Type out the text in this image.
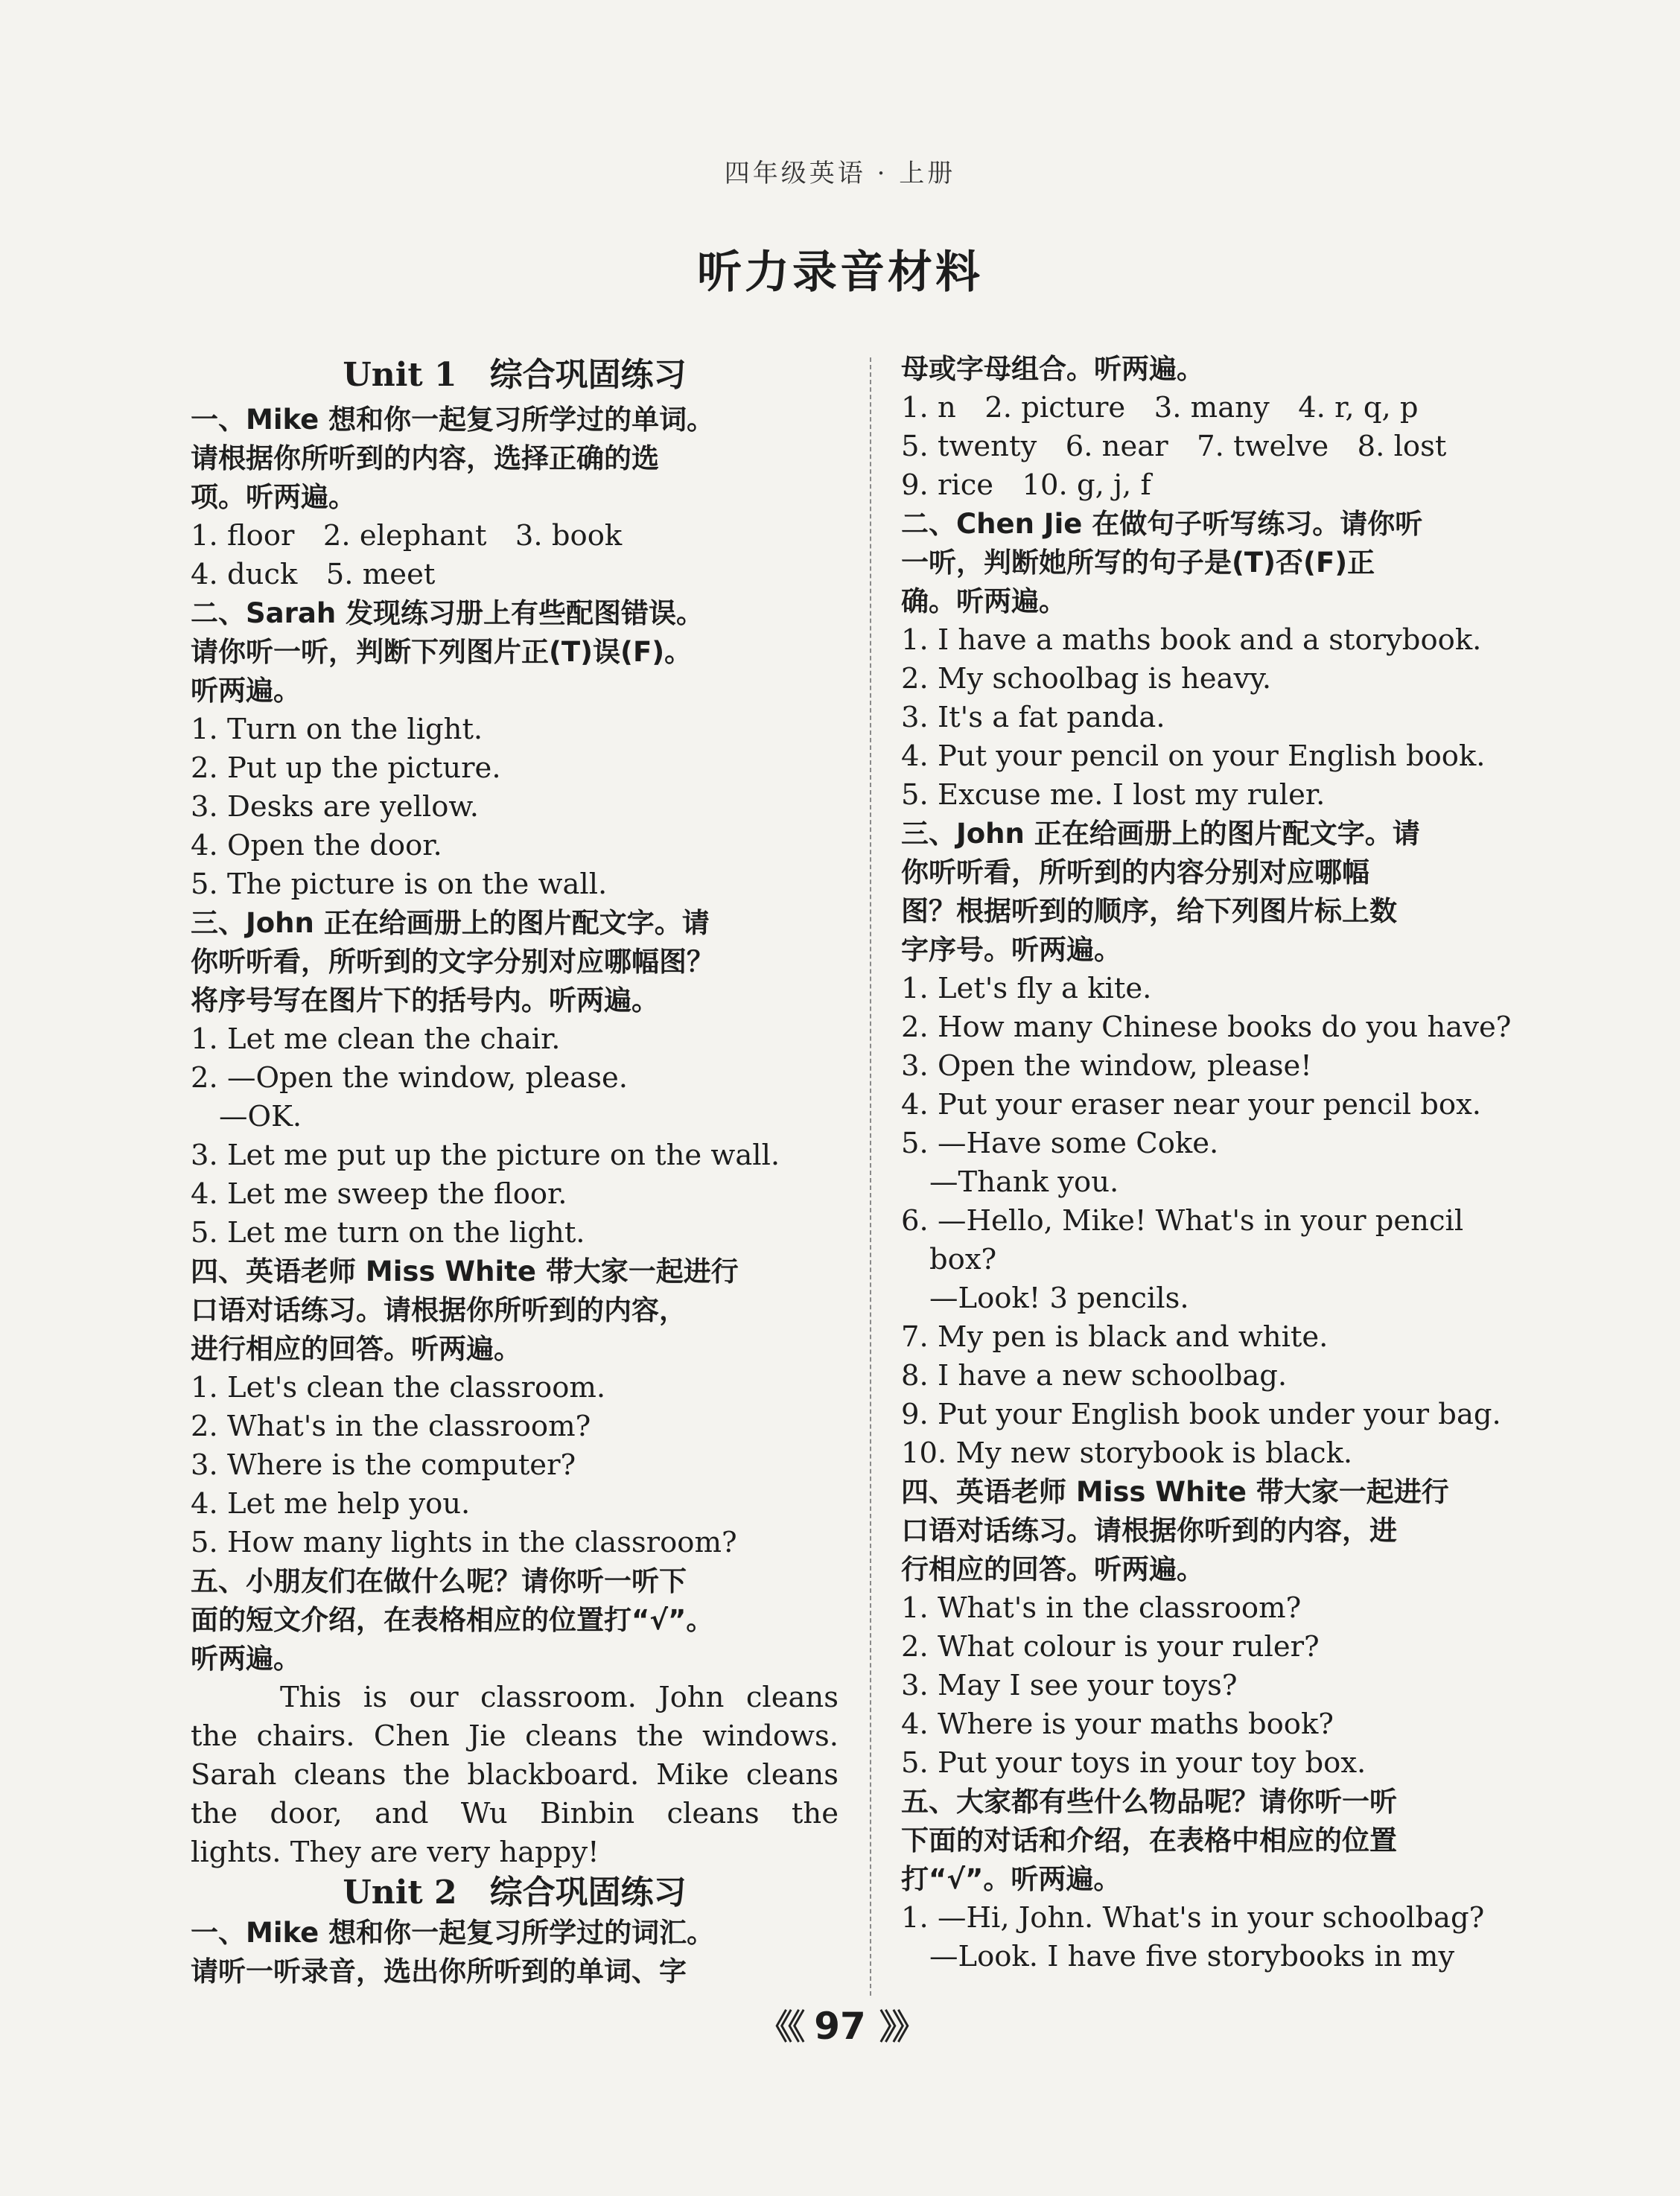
四年级英语 · 上册
听力录音材料
Unit 1　综合巩固练习
一、Mike 想和你一起复习所学过的单词。
请根据你所听到的内容，选择正确的选
项。听两遍。
1. floor　2. elephant　3. book
4. duck　5. meet
二、Sarah 发现练习册上有些配图错误。
请你听一听，判断下列图片正(T)误(F)。
听两遍。
1. Turn on the light.
2. Put up the picture.
3. Desks are yellow.
4. Open the door.
5. The picture is on the wall.
三、John 正在给画册上的图片配文字。请
你听听看，所听到的文字分别对应哪幅图？
将序号写在图片下的括号内。听两遍。
1. Let me clean the chair.
2. —Open the window, please.
—OK.
3. Let me put up the picture on the wall.
4. Let me sweep the floor.
5. Let me turn on the light.
四、英语老师 Miss White 带大家一起进行
口语对话练习。请根据你所听到的内容，
进行相应的回答。听两遍。
1. Let's clean the classroom.
2. What's in the classroom?
3. Where is the computer?
4. Let me help you.
5. How many lights in the classroom?
五、小朋友们在做什么呢？请你听一听下
面的短文介绍，在表格相应的位置打“√”。
听两遍。
This is our classroom. John cleans
the chairs. Chen Jie cleans the windows.
Sarah cleans the blackboard. Mike cleans
the door, and Wu Binbin cleans the
lights. They are very happy!
Unit 2　综合巩固练习
一、Mike 想和你一起复习所学过的词汇。
请听一听录音，选出你所听到的单词、字
母或字母组合。听两遍。
1. n　2. picture　3. many　4. r, q, p
5. twenty　6. near　7. twelve　8. lost
9. rice　10. g, j, f
二、Chen Jie 在做句子听写练习。请你听
一听，判断她所写的句子是(T)否(F)正
确。听两遍。
1. I have a maths book and a storybook.
2. My schoolbag is heavy.
3. It's a fat panda.
4. Put your pencil on your English book.
5. Excuse me. I lost my ruler.
三、John 正在给画册上的图片配文字。请
你听听看，所听到的内容分别对应哪幅
图？根据听到的顺序，给下列图片标上数
字序号。听两遍。
1. Let's fly a kite.
2. How many Chinese books do you have?
3. Open the window, please!
4. Put your eraser near your pencil box.
5. —Have some Coke.
—Thank you.
6. —Hello, Mike! What's in your pencil
box?
—Look! 3 pencils.
7. My pen is black and white.
8. I have a new schoolbag.
9. Put your English book under your bag.
10. My new storybook is black.
四、英语老师 Miss White 带大家一起进行
口语对话练习。请根据你听到的内容，进
行相应的回答。听两遍。
1. What's in the classroom?
2. What colour is your ruler?
3. May I see your toys?
4. Where is your maths book?
5. Put your toys in your toy box.
五、大家都有些什么物品呢？请你听一听
下面的对话和介绍，在表格中相应的位置
打“√”。听两遍。
1. —Hi, John. What's in your schoolbag?
—Look. I have five storybooks in my
《《 97 》》
